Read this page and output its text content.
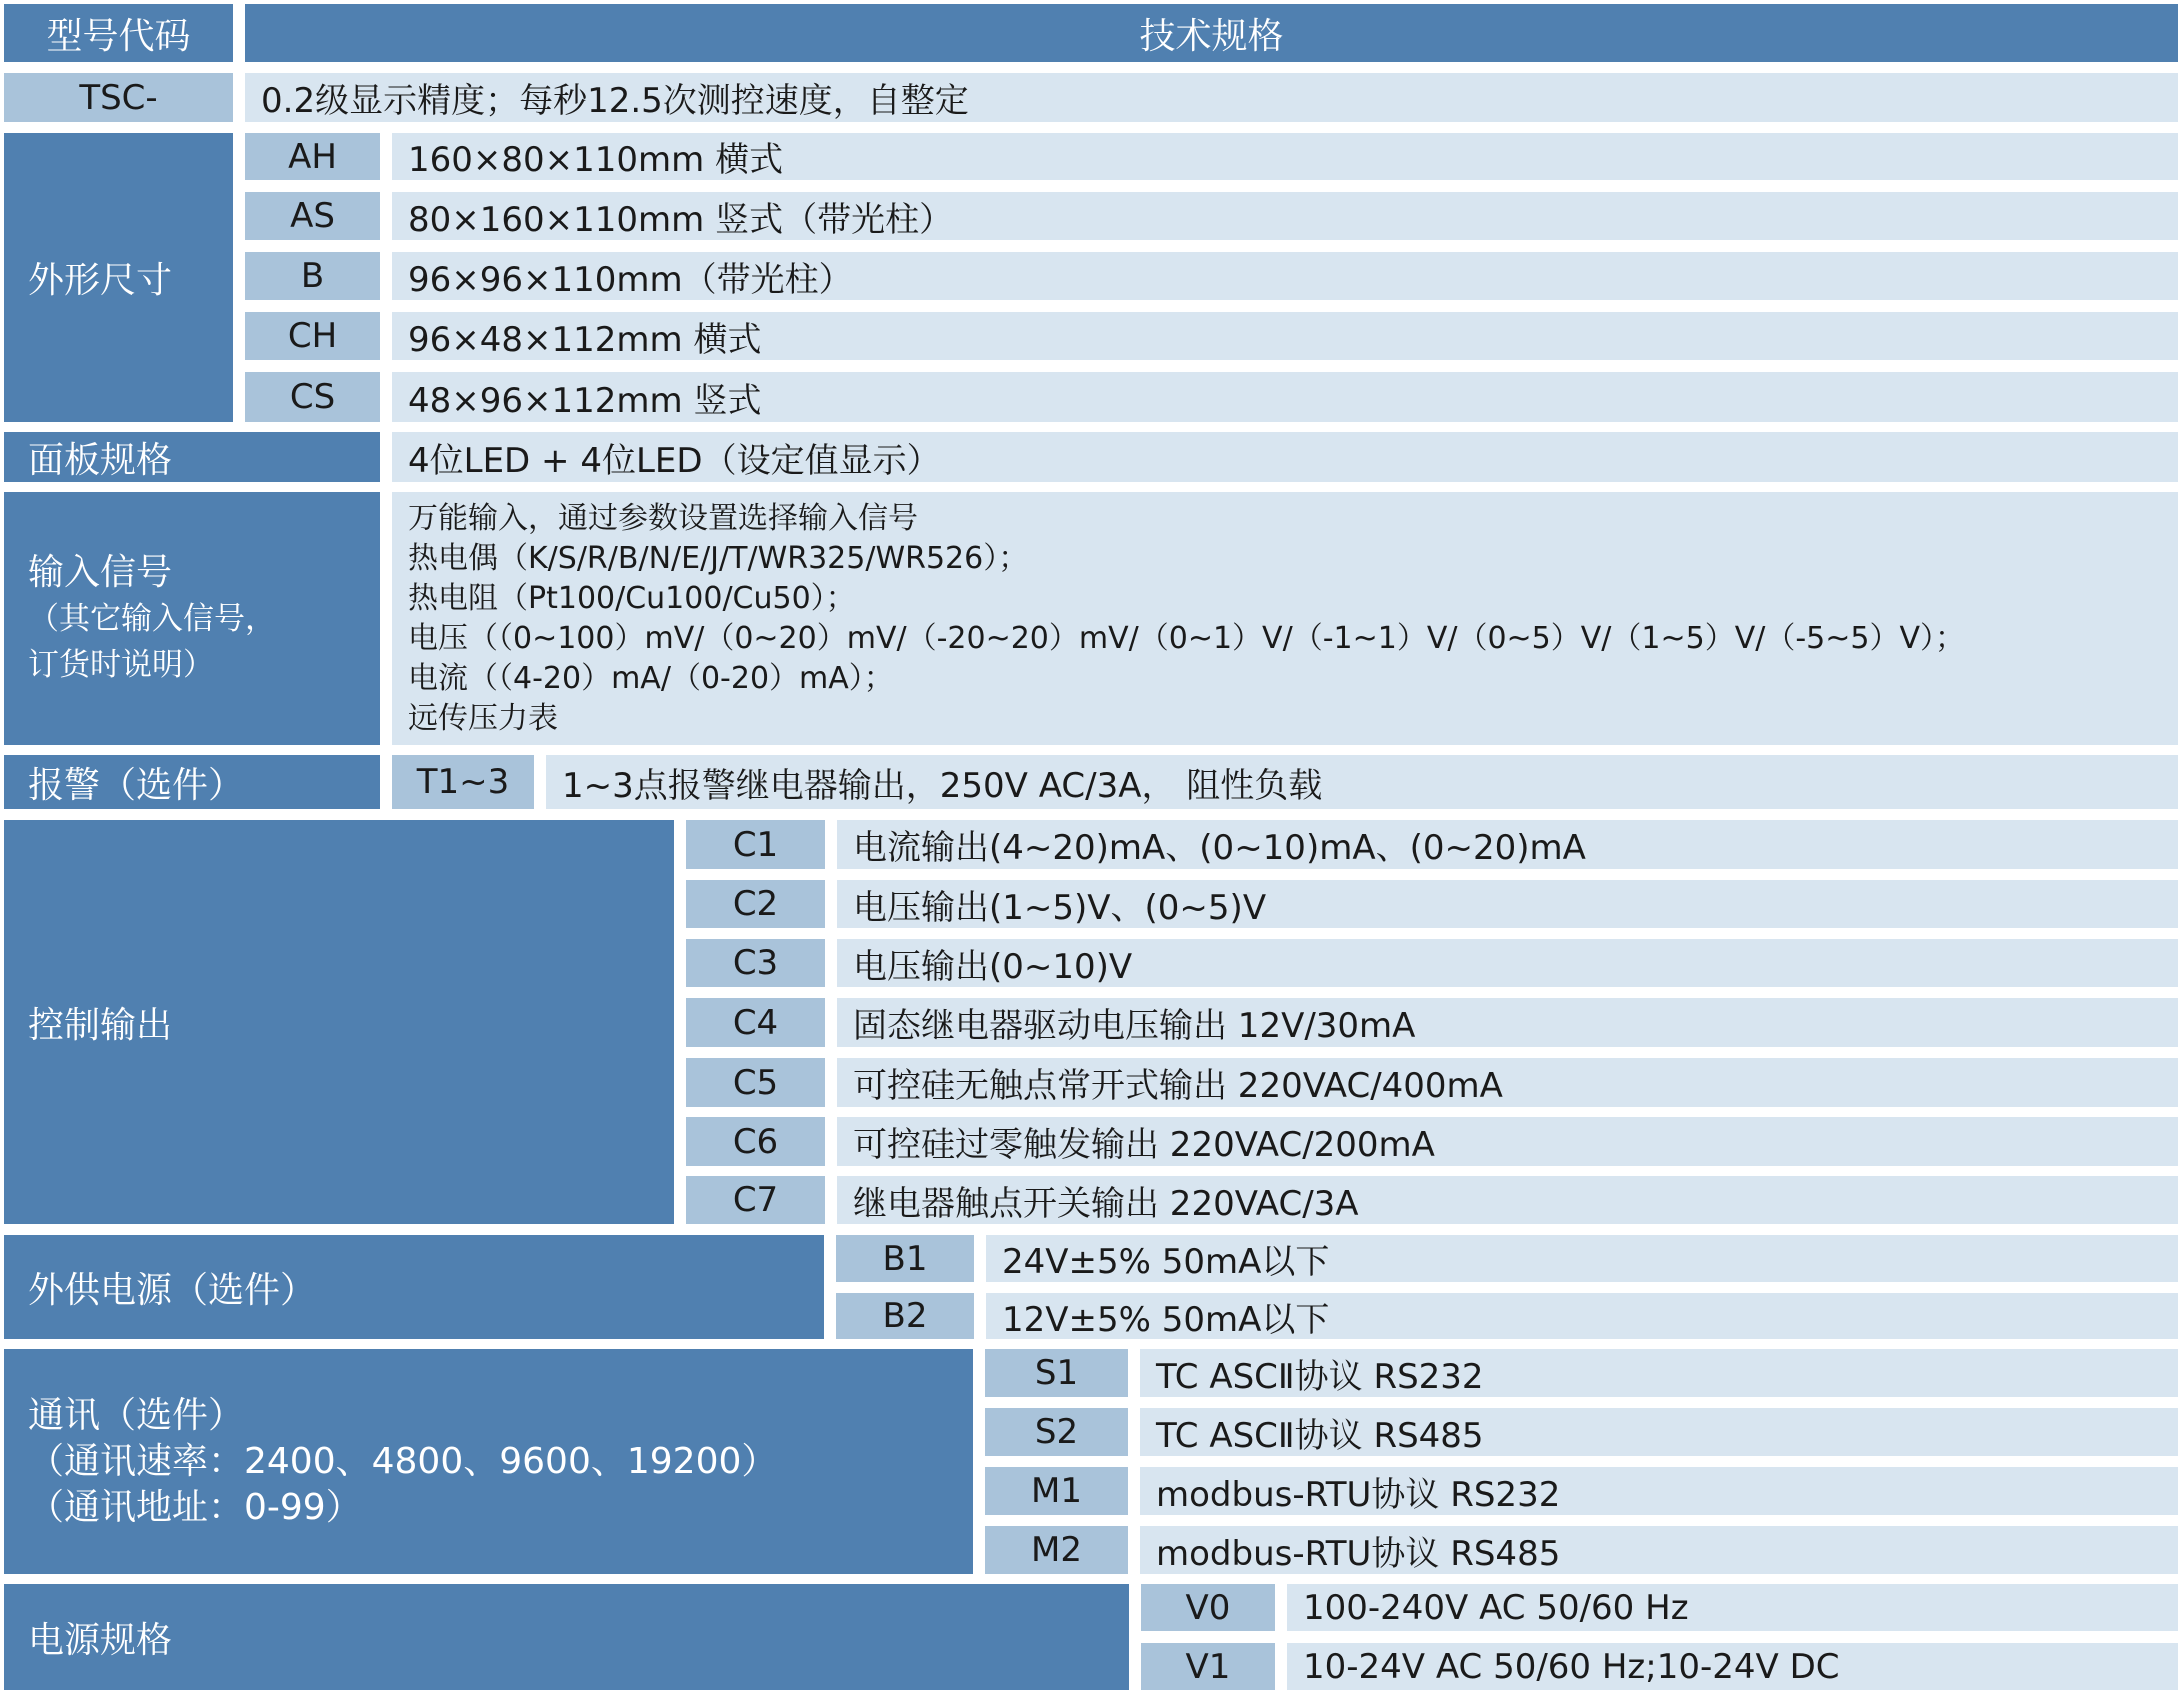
型号代码	技术规格
TSC-	0.2级显示精度；每秒12.5次测控速度，自整定
外形尺寸
AH	160×80×110mm 横式
AS	80×160×110mm 竖式（带光柱）
B	96×96×110mm（带光柱）
CH	96×48×112mm 横式
CS	48×96×112mm 竖式
面板规格	4位LED + 4位LED（设定值显示）
输入信号
（其它输入信号，
订货时说明）
万能输入，通过参数设置选择输入信号
热电偶（K/S/R/B/N/E/J/T/WR325/WR526）；
热电阻（Pt100/Cu100/Cu50）；
电压（（0~100）mV/（0~20）mV/（-20~20）mV/（0~1）V/（-1~1）V/（0~5）V/（1~5）V/（-5~5）V）；
电流（（4-20）mA/（0-20）mA）；
远传压力表
报警（选件）	T1~3	1~3点报警继电器输出，250V AC/3A， 阻性负载
控制输出
C1	电流输出(4~20)mA、(0~10)mA、(0~20)mA
C2	电压输出(1~5)V、(0~5)V
C3	电压输出(0~10)V
C4	固态继电器驱动电压输出 12V/30mA
C5	可控硅无触点常开式输出 220VAC/400mA
C6	可控硅过零触发输出 220VAC/200mA
C7	继电器触点开关输出 220VAC/3A
外供电源（选件）
B1	24V±5% 50mA以下
B2	12V±5% 50mA以下
通讯（选件）
（通讯速率：2400、4800、9600、19200）
（通讯地址：0-99）
S1	TC ASCⅡ协议 RS232
S2	TC ASCⅡ协议 RS485
M1	modbus-RTU协议 RS232
M2	modbus-RTU协议 RS485
电源规格
V0	100-240V AC 50/60 Hz
V1	10-24V AC 50/60 Hz;10-24V DC
